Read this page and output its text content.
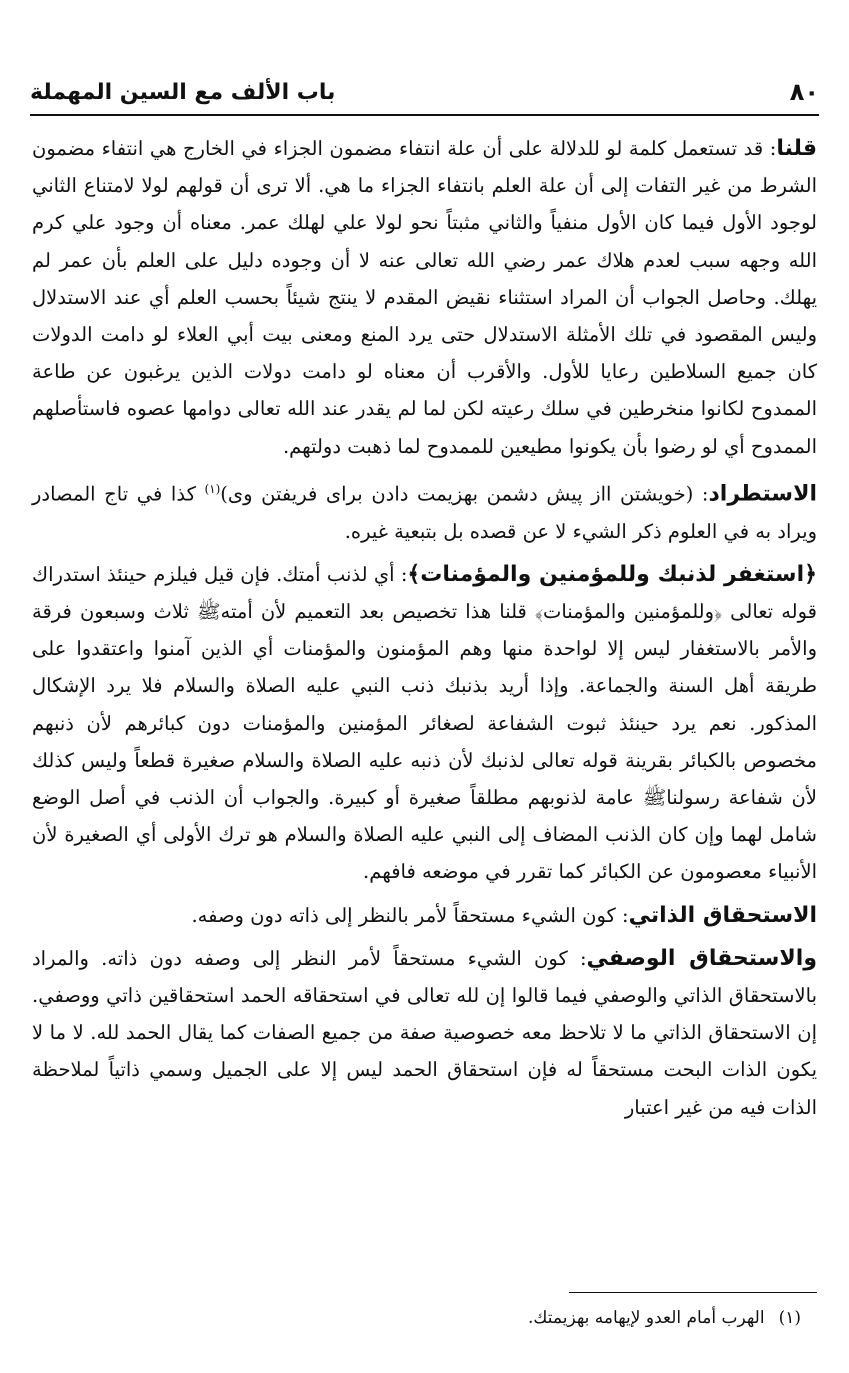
باب الألف مع السين المهملة	٨٠

قلنا: قد تستعمل كلمة لو للدلالة على أن علة انتفاء مضمون الجزاء في الخارج هي انتفاء مضمون الشرط من غير التفات إلى أن علة العلم بانتفاء الجزاء ما هي. ألا ترى أن قولهم لولا لامتناع الثاني لوجود الأول فيما كان الأول منفياً والثاني مثبتاً نحو لولا علي لهلك عمر. معناه أن وجود علي كرم الله وجهه سبب لعدم هلاك عمر رضي الله تعالى عنه لا أن وجوده دليل على العلم بأن عمر لم يهلك. وحاصل الجواب أن المراد استثناء نقيض المقدم لا ينتج شيئاً بحسب العلم أي عند الاستدلال وليس المقصود في تلك الأمثلة الاستدلال حتى يرد المنع ومعنى بيت أبي العلاء لو دامت الدولات كان جميع السلاطين رعايا للأول. والأقرب أن معناه لو دامت دولات الذين يرغبون عن طاعة الممدوح لكانوا منخرطين في سلك رعيته لكن لما لم يقدر عند الله تعالى دوامها عصوه فاستأصلهم الممدوح أي لو رضوا بأن يكونوا مطيعين للممدوح لما ذهبت دولتهم.

الاستطراد: (خويشتن ااز پيش دشمن بهزيمت دادن براى فريفتن وى)$^{(١)}$ كذا في تاج المصادر ويراد به في العلوم ذكر الشيء لا عن قصده بل بتبعية غيره.

﴿استغفر لذنبك وللمؤمنين والمؤمنات﴾: أي لذنب أمتك. فإن قيل فيلزم حينئذ استدراك قوله تعالى ﴿وللمؤمنين والمؤمنات﴾ قلنا هذا تخصيص بعد التعميم لأن أمتهﷺ ثلاث وسبعون فرقة والأمر بالاستغفار ليس إلا لواحدة منها وهم المؤمنون والمؤمنات أي الذين آمنوا واعتقدوا على طريقة أهل السنة والجماعة. وإذا أريد بذنبك ذنب النبي عليه الصلاة والسلام فلا يرد الإشكال المذكور. نعم يرد حينئذ ثبوت الشفاعة لصغائر المؤمنين والمؤمنات دون كبائرهم لأن ذنبهم مخصوص بالكبائر بقرينة قوله تعالى لذنبك لأن ذنبه عليه الصلاة والسلام صغيرة قطعاً وليس كذلك لأن شفاعة رسولناﷺ عامة لذنوبهم مطلقاً صغيرة أو كبيرة. والجواب أن الذنب في أصل الوضع شامل لهما وإن كان الذنب المضاف إلى النبي عليه الصلاة والسلام هو ترك الأولى أي الصغيرة لأن الأنبياء معصومون عن الكبائر كما تقرر في موضعه فافهم.

الاستحقاق الذاتي: كون الشيء مستحقاً لأمر بالنظر إلى ذاته دون وصفه.

والاستحقاق الوصفي: كون الشيء مستحقاً لأمر النظر إلى وصفه دون ذاته. والمراد بالاستحقاق الذاتي والوصفي فيما قالوا إن لله تعالى في استحقاقه الحمد استحقاقين ذاتي ووصفي. إن الاستحقاق الذاتي ما لا تلاحظ معه خصوصية صفة من جميع الصفات كما يقال الحمد لله. لا ما لا يكون الذات البحت مستحقاً له فإن استحقاق الحمد ليس إلا على الجميل وسمي ذاتياً لملاحظة الذات فيه من غير اعتبار

(١)الهرب أمام العدو لإيهامه بهزيمتك.
